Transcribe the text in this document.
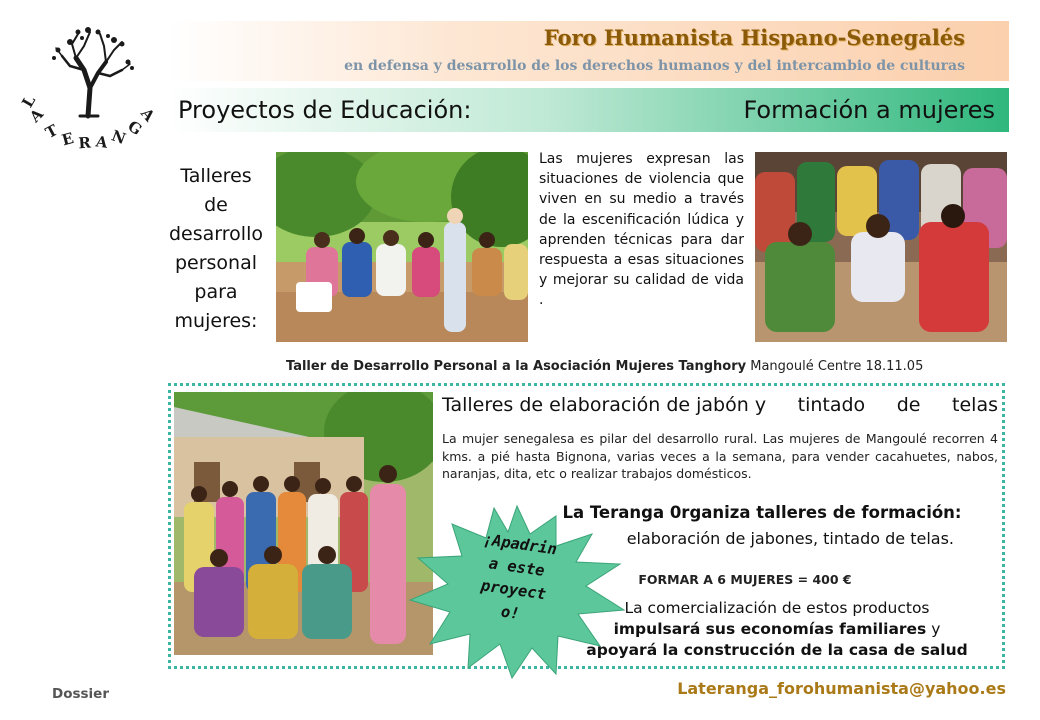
L
A
T E R A N
G
A
Foro Humanista Hispano-Senegalés
en defensa y desarrollo de los derechos humanos y del intercambio de culturas
Proyectos de Educación:	Formación a mujeres
Talleres
de
desarrollo
personal
para
mujeres:
Las mujeres expresan las situaciones de violencia que viven en su medio a través de la escenificación lúdica y aprenden técnicas para dar respuesta a esas situaciones y mejorar su calidad de vida .
Taller de Desarrollo Personal a la Asociación Mujeres Tanghory Mangoulé Centre 18.11.05
Talleres de elaboración de jabón y tintado de telas
La mujer senegalesa es pilar del desarrollo rural. Las mujeres de Mangoulé recorren 4 kms. a pié hasta Bignona, varias veces a la semana, para vender cacahuetes, nabos, naranjas, dita, etc o realizar trabajos domésticos.
La Teranga 0rganiza talleres de formación:
elaboración de jabones, tintado de telas.
FORMAR A 6 MUJERES = 400 €
La comercialización de estos productos
impulsará sus economías familiares y
apoyará la construcción de la casa de salud
¡Apadrin
a este
proyect
o!
Dossier	Lateranga_forohumanista@yahoo.es
